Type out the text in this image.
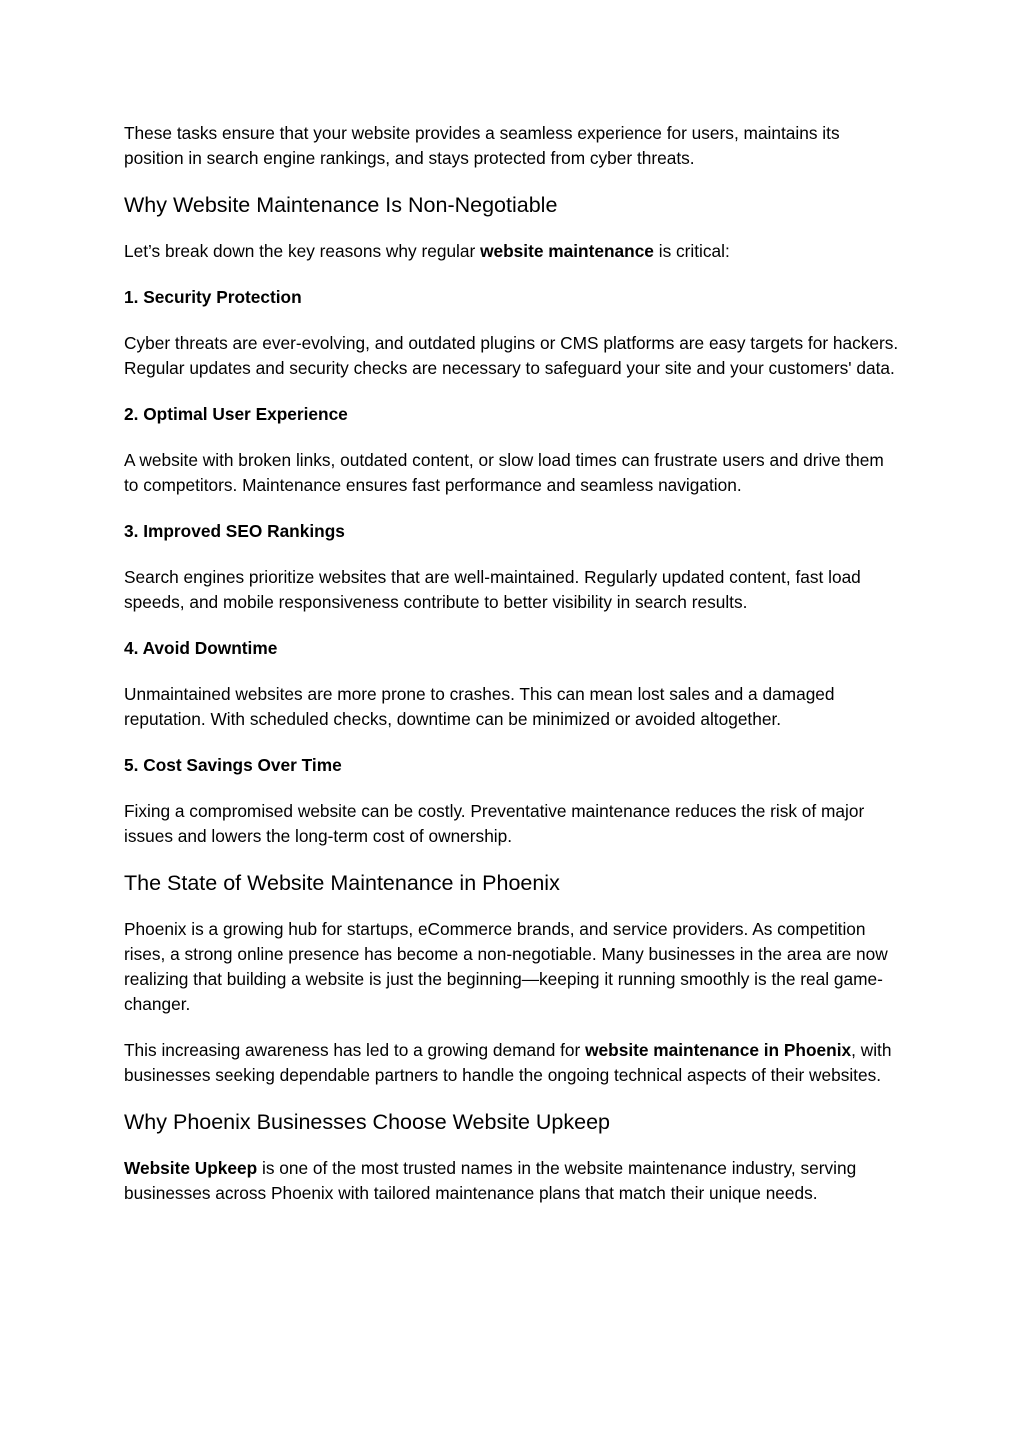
These tasks ensure that your website provides a seamless experience for users, maintains its position in search engine rankings, and stays protected from cyber threats.

Why Website Maintenance Is Non-Negotiable

Let’s break down the key reasons why regular website maintenance is critical:

1. Security Protection

Cyber threats are ever-evolving, and outdated plugins or CMS platforms are easy targets for hackers. Regular updates and security checks are necessary to safeguard your site and your customers' data.

2. Optimal User Experience

A website with broken links, outdated content, or slow load times can frustrate users and drive them to competitors. Maintenance ensures fast performance and seamless navigation.

3. Improved SEO Rankings

Search engines prioritize websites that are well-maintained. Regularly updated content, fast load speeds, and mobile responsiveness contribute to better visibility in search results.

4. Avoid Downtime

Unmaintained websites are more prone to crashes. This can mean lost sales and a damaged reputation. With scheduled checks, downtime can be minimized or avoided altogether.

5. Cost Savings Over Time

Fixing a compromised website can be costly. Preventative maintenance reduces the risk of major issues and lowers the long-term cost of ownership.

The State of Website Maintenance in Phoenix

Phoenix is a growing hub for startups, eCommerce brands, and service providers. As competition rises, a strong online presence has become a non-negotiable. Many businesses in the area are now realizing that building a website is just the beginning—keeping it running smoothly is the real game-changer.

This increasing awareness has led to a growing demand for website maintenance in Phoenix, with businesses seeking dependable partners to handle the ongoing technical aspects of their websites.

Why Phoenix Businesses Choose Website Upkeep

Website Upkeep is one of the most trusted names in the website maintenance industry, serving businesses across Phoenix with tailored maintenance plans that match their unique needs.
